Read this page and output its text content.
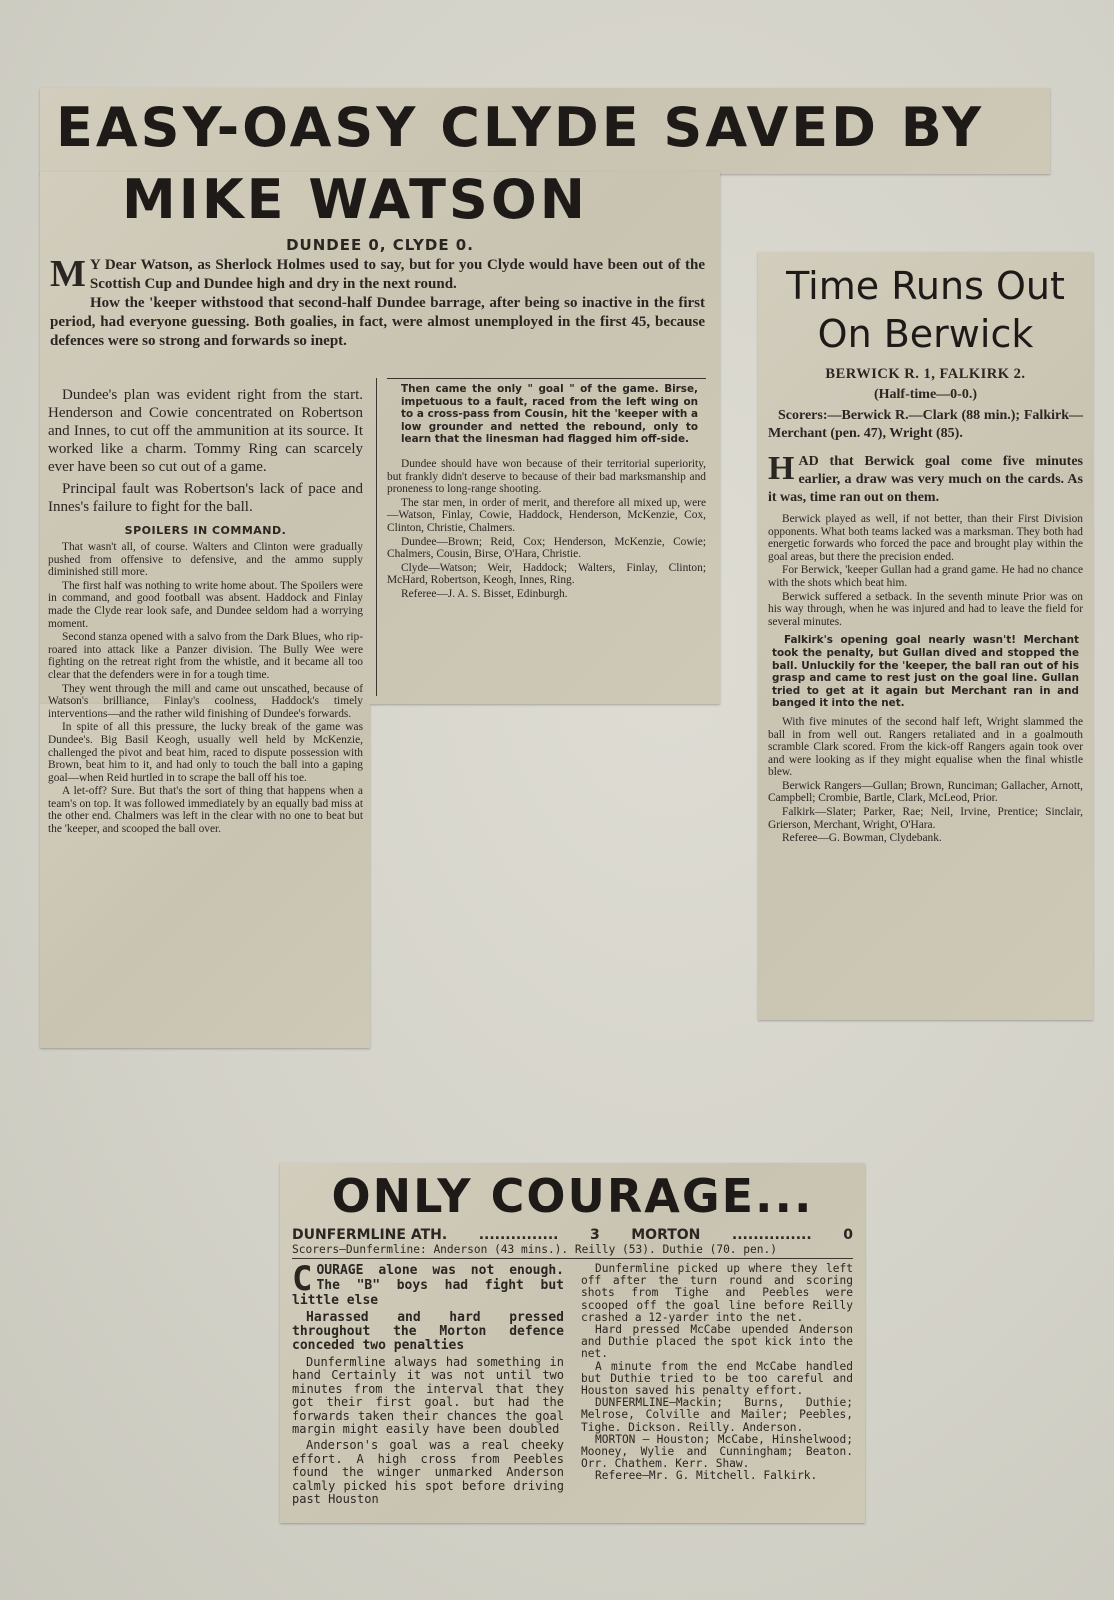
EASY-OASY CLYDE SAVED BY
MIKE WATSON
DUNDEE 0, CLYDE 0.
M Y Dear Watson, as Sherlock Holmes used to say, but for you Clyde would have been out of the Scottish Cup and Dundee high and dry in the next round.

How the 'keeper withstood that second-half Dundee barrage, after being so inactive in the first period, had everyone guessing. Both goalies, in fact, were almost unemployed in the first 45, because defences were so strong and forwards so inept.

Then came the only " goal " of the game. Birse, impetuous to a fault, raced from the left wing on to a cross-pass from Cousin, hit the 'keeper with a low grounder and netted the rebound, only to learn that the linesman had flagged him off-side.

Dundee should have won because of their territorial superiority, but frankly didn't deserve to because of their bad marksmanship and proneness to long-range shooting.

The star men, in order of merit, and therefore all mixed up, were—Watson, Finlay, Cowie, Haddock, Henderson, McKenzie, Cox, Clinton, Christie, Chalmers.

Dundee—Brown; Reid, Cox; Henderson, McKenzie, Cowie; Chalmers, Cousin, Birse, O'Hara, Christie.

Clyde—Watson; Weir, Haddock; Walters, Finlay, Clinton; McHard, Robertson, Keogh, Innes, Ring.

Referee—J. A. S. Bisset, Edinburgh.

Dundee's plan was evident right from the start. Henderson and Cowie concentrated on Robertson and Innes, to cut off the ammunition at its source. It worked like a charm. Tommy Ring can scarcely ever have been so cut out of a game.

Principal fault was Robertson's lack of pace and Innes's failure to fight for the ball.

SPOILERS IN COMMAND.

That wasn't all, of course. Walters and Clinton were gradually pushed from offensive to defensive, and the ammo supply diminished still more.

The first half was nothing to write home about. The Spoilers were in command, and good football was absent. Haddock and Finlay made the Clyde rear look safe, and Dundee seldom had a worrying moment.

Second stanza opened with a salvo from the Dark Blues, who rip-roared into attack like a Panzer division. The Bully Wee were fighting on the retreat right from the whistle, and it became all too clear that the defenders were in for a tough time.

They went through the mill and came out unscathed, because of Watson's brilliance, Finlay's coolness, Haddock's timely interventions—and the rather wild finishing of Dundee's forwards.

In spite of all this pressure, the lucky break of the game was Dundee's. Big Basil Keogh, usually well held by McKenzie, challenged the pivot and beat him, raced to dispute possession with Brown, beat him to it, and had only to touch the ball into a gaping goal—when Reid hurtled in to scrape the ball off his toe.

A let-off? Sure. But that's the sort of thing that happens when a team's on top. It was followed immediately by an equally bad miss at the other end. Chalmers was left in the clear with no one to beat but the 'keeper, and scooped the ball over.

Time Runs Out
On Berwick
BERWICK R. 1, FALKIRK 2.
(Half-time—0-0.)
Scorers:—Berwick R.—Clark (88 min.); Falkirk—Merchant (pen. 47), Wright (85).
H AD that Berwick goal come five minutes earlier, a draw was very much on the cards. As it was, time ran out on them.

Berwick played as well, if not better, than their First Division opponents. What both teams lacked was a marksman. They both had energetic forwards who forced the pace and brought play within the goal areas, but there the precision ended.

For Berwick, 'keeper Gullan had a grand game. He had no chance with the shots which beat him.

Berwick suffered a setback. In the seventh minute Prior was on his way through, when he was injured and had to leave the field for several minutes.

Falkirk's opening goal nearly wasn't! Merchant took the penalty, but Gullan dived and stopped the ball. Unluckily for the 'keeper, the ball ran out of his grasp and came to rest just on the goal line. Gullan tried to get at it again but Merchant ran in and banged it into the net.

With five minutes of the second half left, Wright slammed the ball in from well out. Rangers retaliated and in a goalmouth scramble Clark scored. From the kick-off Rangers again took over and were looking as if they might equalise when the final whistle blew.

Berwick Rangers—Gullan; Brown, Runciman; Gallacher, Arnott, Campbell; Crombie, Bartle, Clark, McLeod, Prior.

Falkirk—Slater; Parker, Rae; Neil, Irvine, Prentice; Sinclair, Grierson, Merchant, Wright, O'Hara.

Referee—G. Bowman, Clydebank.

ONLY COURAGE...
DUNFERMLINE ATH. ............... 3 MORTON ............... 0
Scorers—Dunfermline: Anderson (43 mins.). Reilly (53). Duthie (70. pen.)
C OURAGE alone was not enough. The "B" boys had fight but little else

Harassed and hard pressed throughout the Morton defence conceded two penalties

Dunfermline always had something in hand Certainly it was not until two minutes from the interval that they got their first goal. but had the forwards taken their chances the goal margin might easily have been doubled

Anderson's goal was a real cheeky effort. A high cross from Peebles found the winger unmarked Anderson calmly picked his spot before driving past Houston

Dunfermline picked up where they left off after the turn round and scoring shots from Tighe and Peebles were scooped off the goal line before Reilly crashed a 12-yarder into the net.

Hard pressed McCabe upended Anderson and Duthie placed the spot kick into the net.

A minute from the end McCabe handled but Duthie tried to be too careful and Houston saved his penalty effort.

DUNFERMLINE—Mackin; Burns, Duthie; Melrose, Colville and Mailer; Peebles, Tighe. Dickson. Reilly. Anderson.

MORTON — Houston; McCabe, Hinshelwood; Mooney, Wylie and Cunningham; Beaton. Orr. Chathem. Kerr. Shaw.

Referee—Mr. G. Mitchell. Falkirk.
